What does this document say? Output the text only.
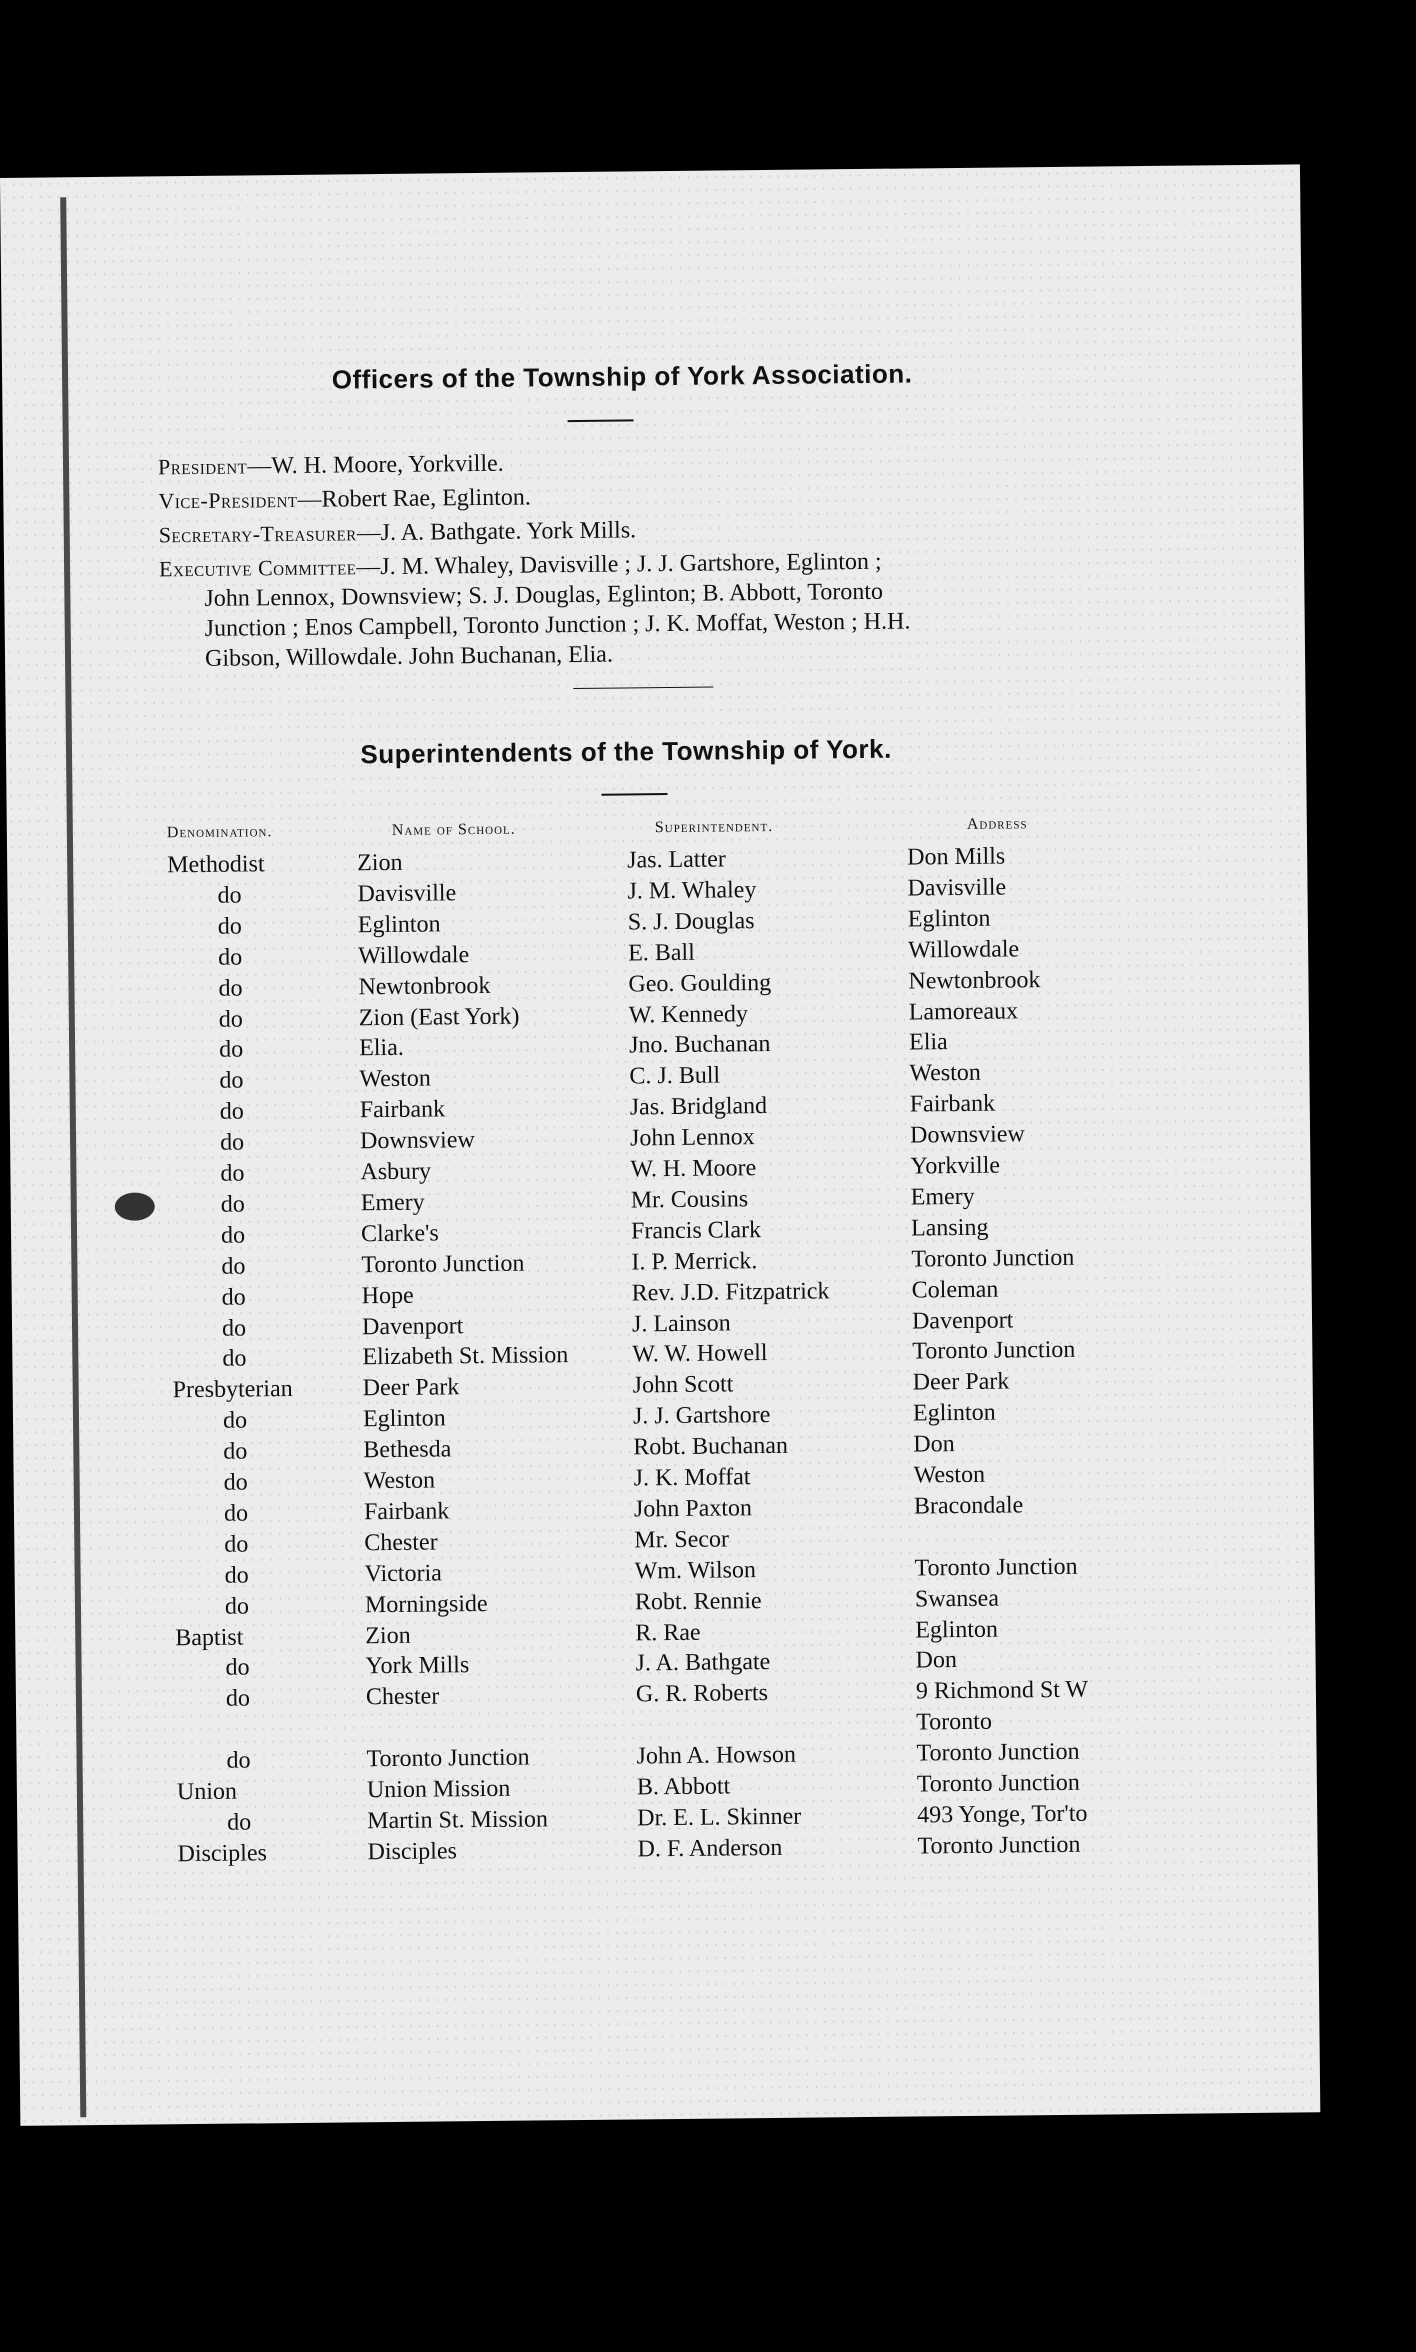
Officers of the Township of York Association.
President—W. H. Moore, Yorkville.
Vice-President—Robert Rae, Eglinton.
Secretary-Treasurer—J. A. Bathgate. York Mills.
Executive Committee—J. M. Whaley, Davisville ; J. J. Gartshore, Eglinton ;
John Lennox, Downsview; S. J. Douglas, Eglinton; B. Abbott, Toronto
Junction ; Enos Campbell, Toronto Junction ; J. K. Moffat, Weston ; H.H.
Gibson, Willowdale. John Buchanan, Elia.
Superintendents of the Township of York.
Denomination.	Name of School.	Superintendent.	Address
Methodist	Zion	Jas. Latter	Don Mills
do	Davisville	J. M. Whaley	Davisville
do	Eglinton	S. J. Douglas	Eglinton
do	Willowdale	E. Ball	Willowdale
do	Newtonbrook	Geo. Goulding	Newtonbrook
do	Zion (East York)	W. Kennedy	Lamoreaux
do	Elia.	Jno. Buchanan	Elia
do	Weston	C. J. Bull	Weston
do	Fairbank	Jas. Bridgland	Fairbank
do	Downsview	John Lennox	Downsview
do	Asbury	W. H. Moore	Yorkville
do	Emery	Mr. Cousins	Emery
do	Clarke's	Francis Clark	Lansing
do	Toronto Junction	I. P. Merrick.	Toronto Junction
do	Hope	Rev. J.D. Fitzpatrick	Coleman
do	Davenport	J. Lainson	Davenport
do	Elizabeth St. Mission	W. W. Howell	Toronto Junction
Presbyterian	Deer Park	John Scott	Deer Park
do	Eglinton	J. J. Gartshore	Eglinton
do	Bethesda	Robt. Buchanan	Don
do	Weston	J. K. Moffat	Weston
do	Fairbank	John Paxton	Bracondale
do	Chester	Mr. Secor
do	Victoria	Wm. Wilson	Toronto Junction
do	Morningside	Robt. Rennie	Swansea
Baptist	Zion	R. Rae	Eglinton
do	York Mills	J. A. Bathgate	Don
do	Chester	G. R. Roberts	9 Richmond St W
Toronto
do	Toronto Junction	John A. Howson	Toronto Junction
Union	Union Mission	B. Abbott	Toronto Junction
do	Martin St. Mission	Dr. E. L. Skinner	493 Yonge, Tor'to
Disciples	Disciples	D. F. Anderson	Toronto Junction
